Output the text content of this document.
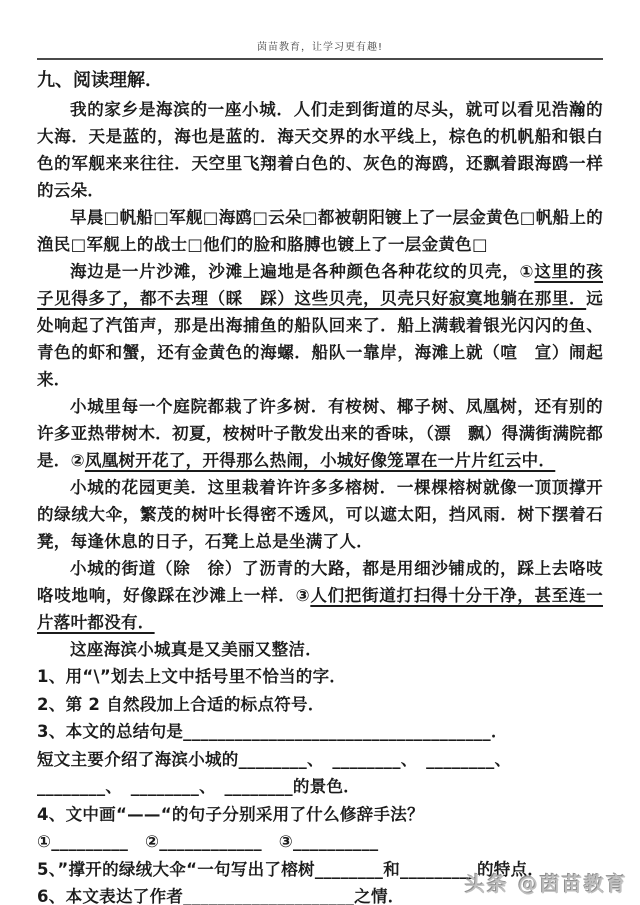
茵苗教育，让学习更有趣!
九、阅读理解．

我的家乡是海滨的一座小城．人们走到街道的尽头，就可以看见浩瀚的大海．天是蓝的，海也是蓝的．海天交界的水平线上，棕色的机帆船和银白色的军舰来来往往．天空里飞翔着白色的、灰色的海鸥，还飘着跟海鸥一样的云朵．

早晨□帆船□军舰□海鸥□云朵□都被朝阳镀上了一层金黄色□帆船上的渔民□军舰上的战士□他们的脸和胳膊也镀上了一层金黄色□

海边是一片沙滩，沙滩上遍地是各种颜色各种花纹的贝壳，①这里的孩子见得多了，都不去理（睬　踩）这些贝壳，贝壳只好寂寞地躺在那里．远处响起了汽笛声，那是出海捕鱼的船队回来了．船上满载着银光闪闪的鱼、青色的虾和蟹，还有金黄色的海螺．船队一靠岸，海滩上就（喧　宣）闹起来．

小城里每一个庭院都栽了许多树．有桉树、椰子树、凤凰树，还有别的许多亚热带树木．初夏，桉树叶子散发出来的香味，（漂　飘）得满街满院都是．②凤凰树开花了，开得那么热闹，小城好像笼罩在一片片红云中．

小城的花园更美．这里栽着许许多多榕树．一棵棵榕树就像一顶顶撑开的绿绒大伞，繁茂的树叶长得密不透风，可以遮太阳，挡风雨．树下摆着石凳，每逢休息的日子，石凳上总是坐满了人．

小城的街道（除　徐）了沥青的大路，都是用细沙铺成的，踩上去咯吱咯吱地响，好像踩在沙滩上一样．③人们把街道打扫得十分干净，甚至连一片落叶都没有．

这座海滨小城真是又美丽又整洁．

1、用“\”划去上文中括号里不恰当的字．

2、第 2 自然段加上合适的标点符号．

3、本文的总结句是____________________________________．

短文主要介绍了海滨小城的________、　________、　________、

________、　________、　________的景色．

4、文中画“——“的句子分别采用了什么修辞手法？

①_________　②____________　③__________

5、”撑开的绿绒大伞“一句写出了榕树________和_________的特点．

6、本文表达了作者____________________之情．

头条 @茵苗教育
